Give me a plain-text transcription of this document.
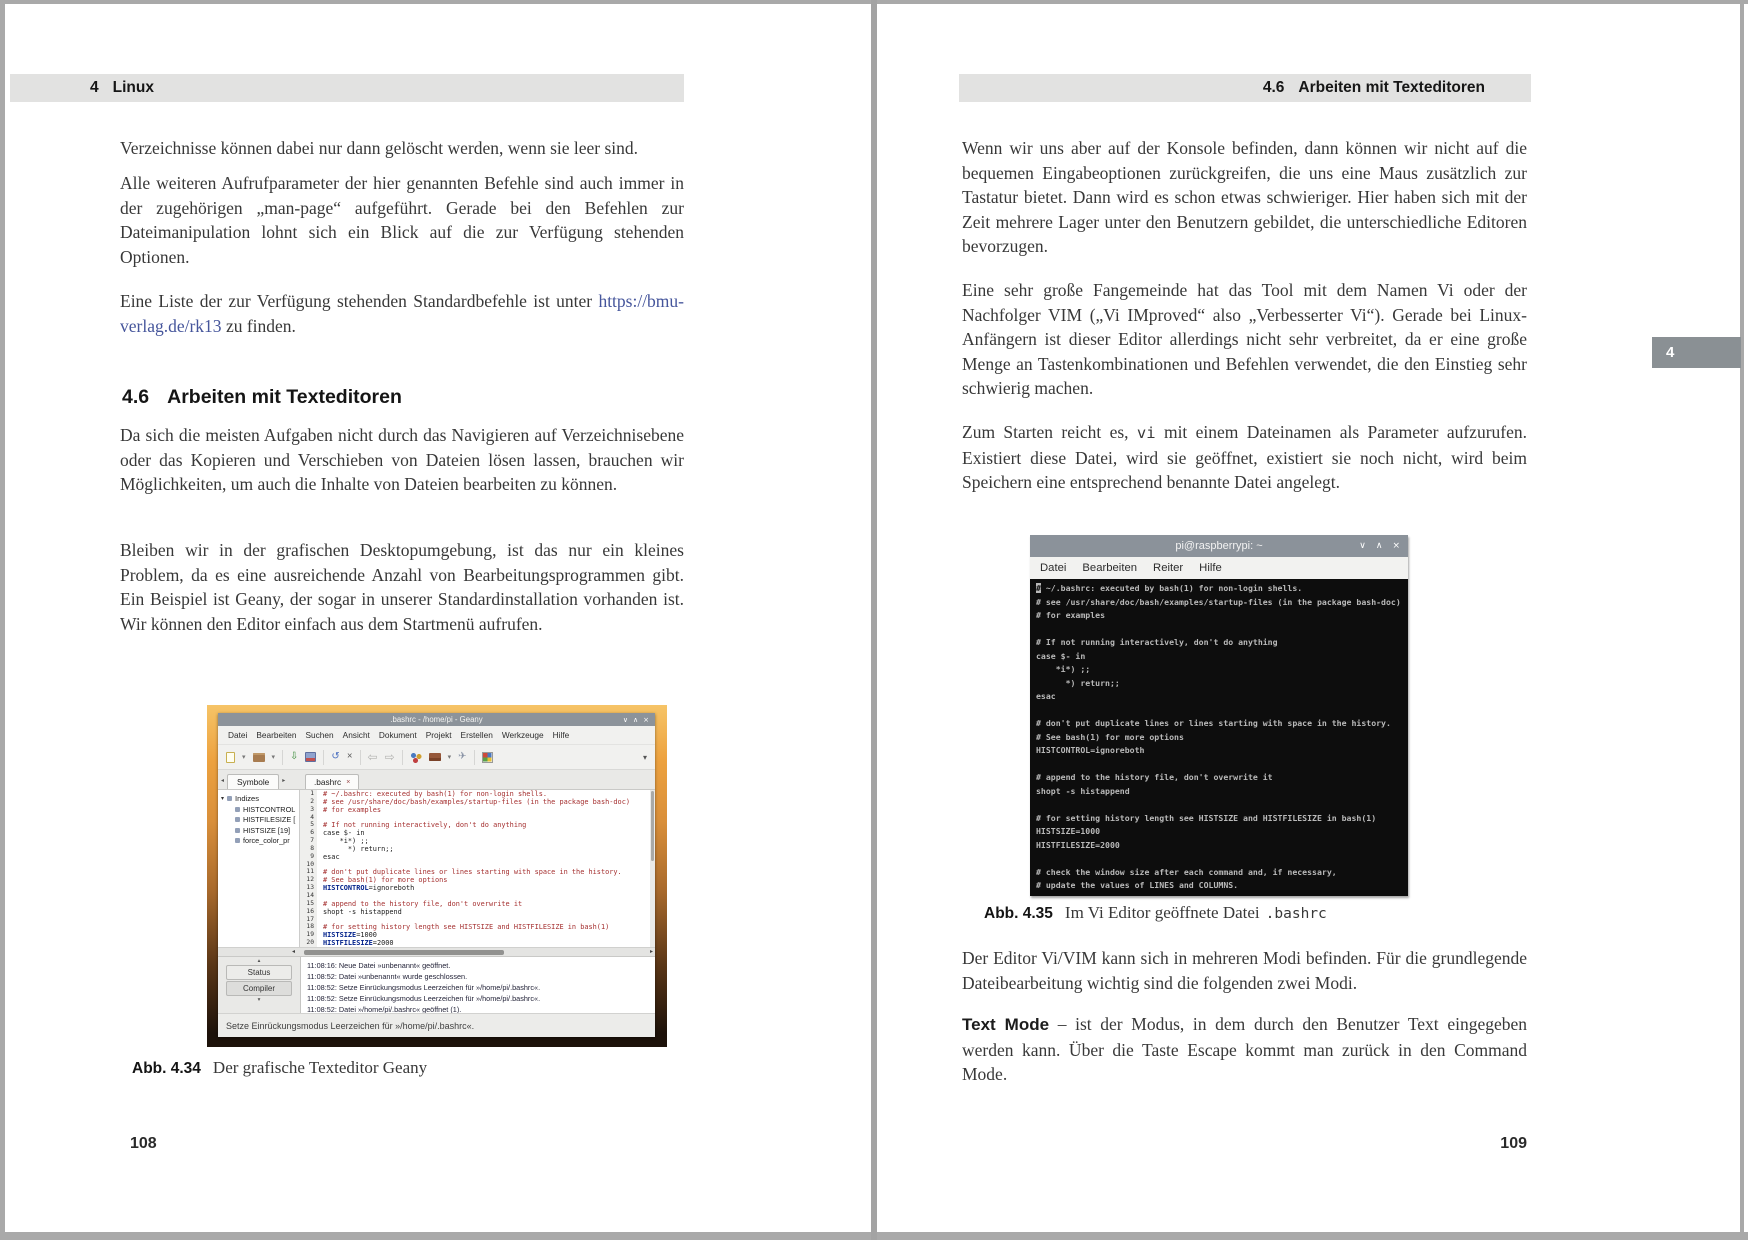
4
4 Linux

Verzeichnisse können dabei nur dann gelöscht werden, wenn sie leer sind.

Alle weiteren Aufrufparameter der hier genannten Befehle sind auch immer in der zugehörigen „man-page“ aufgeführt. Gerade bei den Befehlen zur Dateimanipulation lohnt sich ein Blick auf die zur Verfügung stehenden Optionen.

Eine Liste der zur Verfügung stehenden Standardbefehle ist unter https://bmu-verlag.de/rk13 zu finden.

4.6 Arbeiten mit Texteditoren

Da sich die meisten Aufgaben nicht durch das Navigieren auf Verzeichnisebene oder das Kopieren und Verschieben von Dateien lösen lassen, brauchen wir Möglichkeiten, um auch die Inhalte von Dateien bearbeiten zu können.

Bleiben wir in der grafischen Desktopumgebung, ist das nur ein kleines Problem, da es eine ausreichende Anzahl von Bearbeitungsprogrammen gibt. Ein Beispiel ist Geany, der sogar in unserer Standardinstallation vorhanden ist. Wir können den Editor einfach aus dem Startmenü aufrufen.

.bashrc - /home/pi - Geany	∨ ∧ ×
Datei Bearbeiten Suchen Ansicht Dokument Projekt Erstellen Werkzeuge Hilfe
▾	▾ ⇩	↺ × ⇦ ⇨	▾ ✈	▾
◂	Symbole	▸	.bashrc ×
▾ Indizes
HISTCONTROL
HISTFILESIZE [
HISTSIZE [19]
force_color_pr
1	# ~/.bashrc: executed by bash(1) for non-login shells.
2	# see /usr/share/doc/bash/examples/startup-files (in the package bash-doc)
3	# for examples
4
5	# If not running interactively, don't do anything
6	case $- in
7	*i*) ;;
8	*) return;;
9	esac
10
11	# don't put duplicate lines or lines starting with space in the history.
12	# See bash(1) for more options
13	HISTCONTROL=ignoreboth
14
15	# append to the history file, don't overwrite it
16	shopt -s histappend
17
18	# for setting history length see HISTSIZE and HISTFILESIZE in bash(1)
19	HISTSIZE=1000
20	HISTFILESIZE=2000
◂	▸
▴
Status
Compiler
▾
11:08:16: Neue Datei »unbenannt« geöffnet.
11:08:52: Datei »unbenannt« wurde geschlossen.
11:08:52: Setze Einrückungsmodus Leerzeichen für »/home/pi/.bashrc«.
11:08:52: Setze Einrückungsmodus Leerzeichen für »/home/pi/.bashrc«.
11:08:52: Datei »/home/pi/.bashrc« geöffnet (1).
Setze Einrückungsmodus Leerzeichen für »/home/pi/.bashrc«.
Abb. 4.34 Der grafische Texteditor Geany
108
4.6 Arbeiten mit Texteditoren

Wenn wir uns aber auf der Konsole befinden, dann können wir nicht auf die bequemen Eingabeoptionen zurückgreifen, die uns eine Maus zusätzlich zur Tastatur bietet. Dann wird es schon etwas schwieriger. Hier haben sich mit der Zeit mehrere Lager unter den Benutzern gebildet, die unterschiedliche Editoren bevorzugen.

Eine sehr große Fangemeinde hat das Tool mit dem Namen Vi oder der Nachfolger VIM („Vi IMproved“ also „Verbesserter Vi“). Gerade bei Linux-Anfängern ist dieser Editor allerdings nicht sehr verbreitet, da er eine große Menge an Tastenkombinationen und Befehlen verwendet, die den Einstieg sehr schwierig machen.

Zum Starten reicht es, vi mit einem Dateinamen als Parameter aufzurufen. Existiert diese Datei, wird sie geöffnet, existiert sie noch nicht, wird beim Speichern eine entsprechend benannte Datei angelegt.

pi@raspberrypi: ~	∨ ∧ ×
Datei Bearbeiten Reiter Hilfe
# ~/.bashrc: executed by bash(1) for non-login shells.
# see /usr/share/doc/bash/examples/startup-files (in the package bash-doc)
# for examples
# If not running interactively, don't do anything
case $- in
*i*) ;;
*) return;;
esac
# don't put duplicate lines or lines starting with space in the history.
# See bash(1) for more options
HISTCONTROL=ignoreboth
# append to the history file, don't overwrite it
shopt -s histappend
# for setting history length see HISTSIZE and HISTFILESIZE in bash(1)
HISTSIZE=1000
HISTFILESIZE=2000
# check the window size after each command and, if necessary,
# update the values of LINES and COLUMNS.
Abb. 4.35 Im Vi Editor geöffnete Datei .bashrc

Der Editor Vi/VIM kann sich in mehreren Modi befinden. Für die grundlegende Dateibearbeitung wichtig sind die folgenden zwei Modi.

Text Mode – ist der Modus, in dem durch den Benutzer Text eingegeben werden kann. Über die Taste Escape kommt man zurück in den Command Mode.

109
